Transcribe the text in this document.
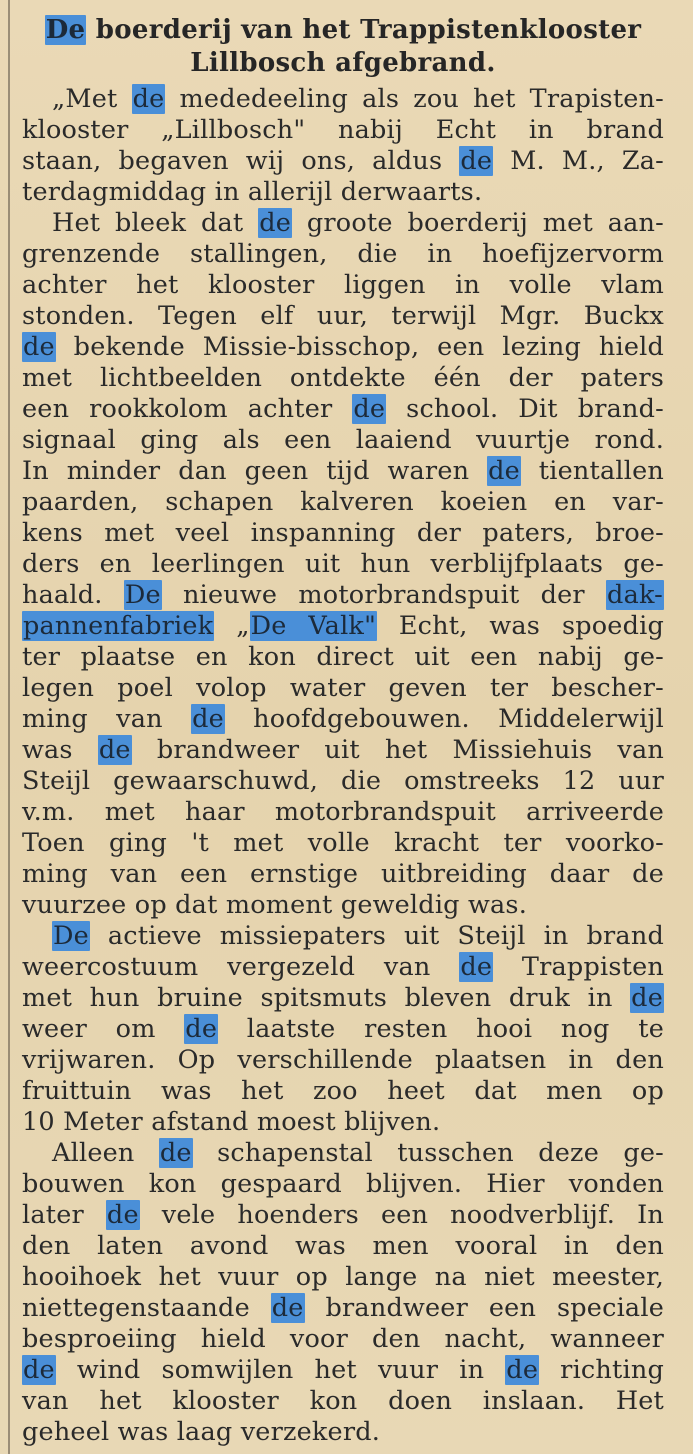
De boerderij van het Trappistenklooster
Lillbosch afgebrand.
„Met de mededeeling als zou het Trapisten-
klooster „Lillbosch" nabij Echt in brand
staan, begaven wij ons, aldus de M. M., Za-
terdagmiddag in allerijl derwaarts.
Het bleek dat de groote boerderij met aan-
grenzende stallingen, die in hoefijzervorm
achter het klooster liggen in volle vlam
stonden. Tegen elf uur, terwijl Mgr. Buckx
de bekende Missie-bisschop, een lezing hield
met lichtbeelden ontdekte één der paters
een rookkolom achter de school. Dit brand-
signaal ging als een laaiend vuurtje rond.
In minder dan geen tijd waren de tientallen
paarden, schapen kalveren koeien en var-
kens met veel inspanning der paters, broe-
ders en leerlingen uit hun verblijfplaats ge-
haald. De nieuwe motorbrandspuit der dak-
pannenfabriek „De Valk" Echt, was spoedig
ter plaatse en kon direct uit een nabij ge-
legen poel volop water geven ter bescher-
ming van de hoofdgebouwen. Middelerwijl
was de brandweer uit het Missiehuis van
Steijl gewaarschuwd, die omstreeks 12 uur
v.m. met haar motorbrandspuit arriveerde
Toen ging 't met volle kracht ter voorko-
ming van een ernstige uitbreiding daar de
vuurzee op dat moment geweldig was.
De actieve missiepaters uit Steijl in brand
weercostuum vergezeld van de Trappisten
met hun bruine spitsmuts bleven druk in de
weer om de laatste resten hooi nog te
vrijwaren. Op verschillende plaatsen in den
fruittuin was het zoo heet dat men op
10 Meter afstand moest blijven.
Alleen de schapenstal tusschen deze ge-
bouwen kon gespaard blijven. Hier vonden
later de vele hoenders een noodverblijf. In
den laten avond was men vooral in den
hooihoek het vuur op lange na niet meester,
niettegenstaande de brandweer een speciale
besproeiing hield voor den nacht, wanneer
de wind somwijlen het vuur in de richting
van het klooster kon doen inslaan. Het
geheel was laag verzekerd.
